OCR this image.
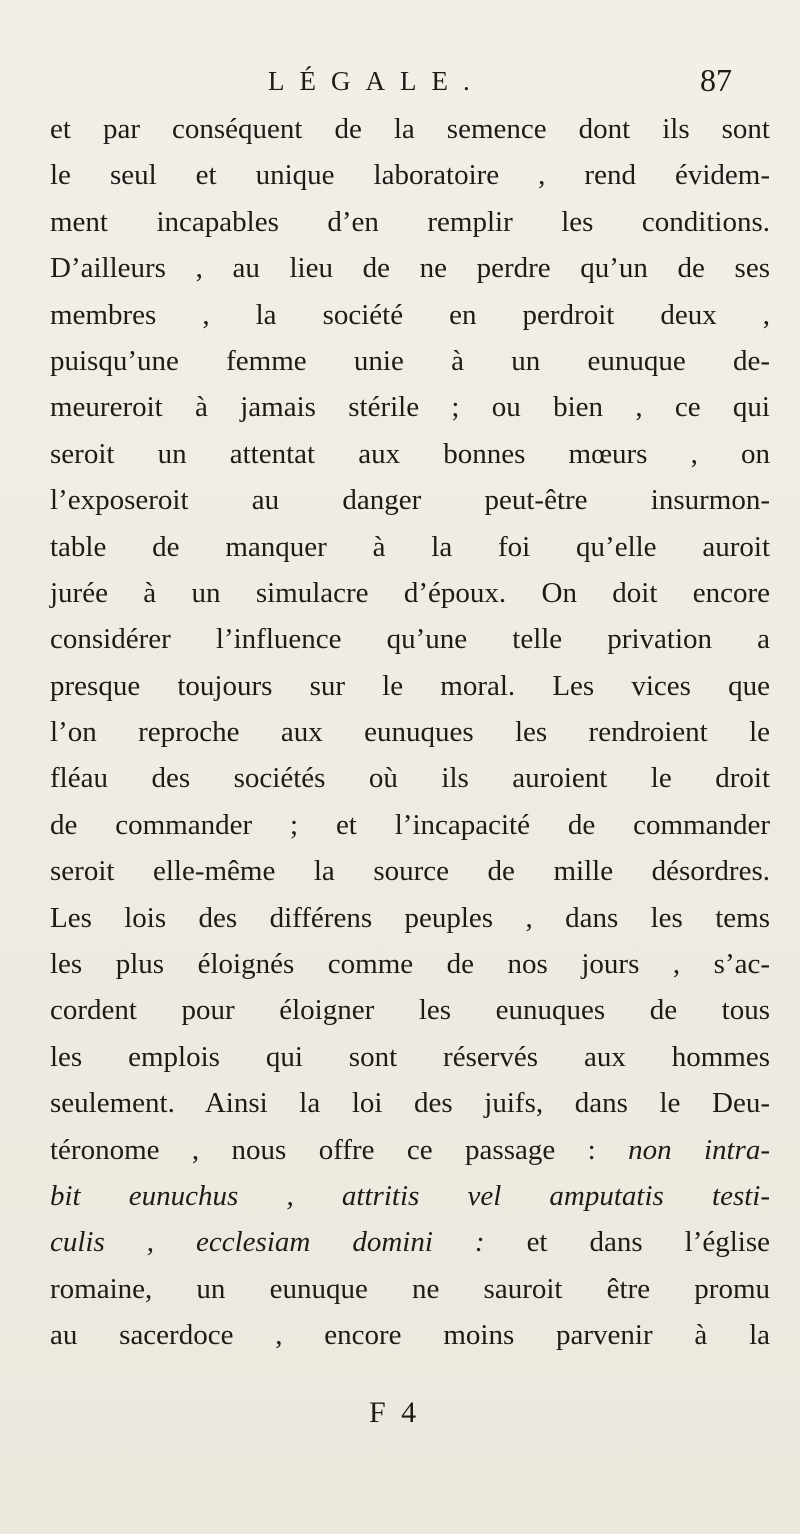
LÉGALE.	87
et par conséquent de la semence dont ils sont
le seul et unique laboratoire , rend évidem-
ment incapables d’en remplir les conditions.
D’ailleurs , au lieu de ne perdre qu’un de ses
membres , la société en perdroit deux ,
puisqu’une femme unie à un eunuque de-
meureroit à jamais stérile ; ou bien , ce qui
seroit un attentat aux bonnes mœurs , on
l’exposeroit au danger peut-être insurmon-
table de manquer à la foi qu’elle auroit
jurée à un simulacre d’époux. On doit encore
considérer l’influence qu’une telle privation a
presque toujours sur le moral. Les vices que
l’on reproche aux eunuques les rendroient le
fléau des sociétés où ils auroient le droit
de commander ; et l’incapacité de commander
seroit elle-même la source de mille désordres.
Les lois des différens peuples , dans les tems
les plus éloignés comme de nos jours , s’ac-
cordent pour éloigner les eunuques de tous
les emplois qui sont réservés aux hommes
seulement. Ainsi la loi des juifs, dans le Deu-
téronome , nous offre ce passage : non intra-
bit eunuchus , attritis vel amputatis testi-
culis , ecclesiam domini : et dans l’église
romaine, un eunuque ne sauroit être promu
au sacerdoce , encore moins parvenir à la
F 4
